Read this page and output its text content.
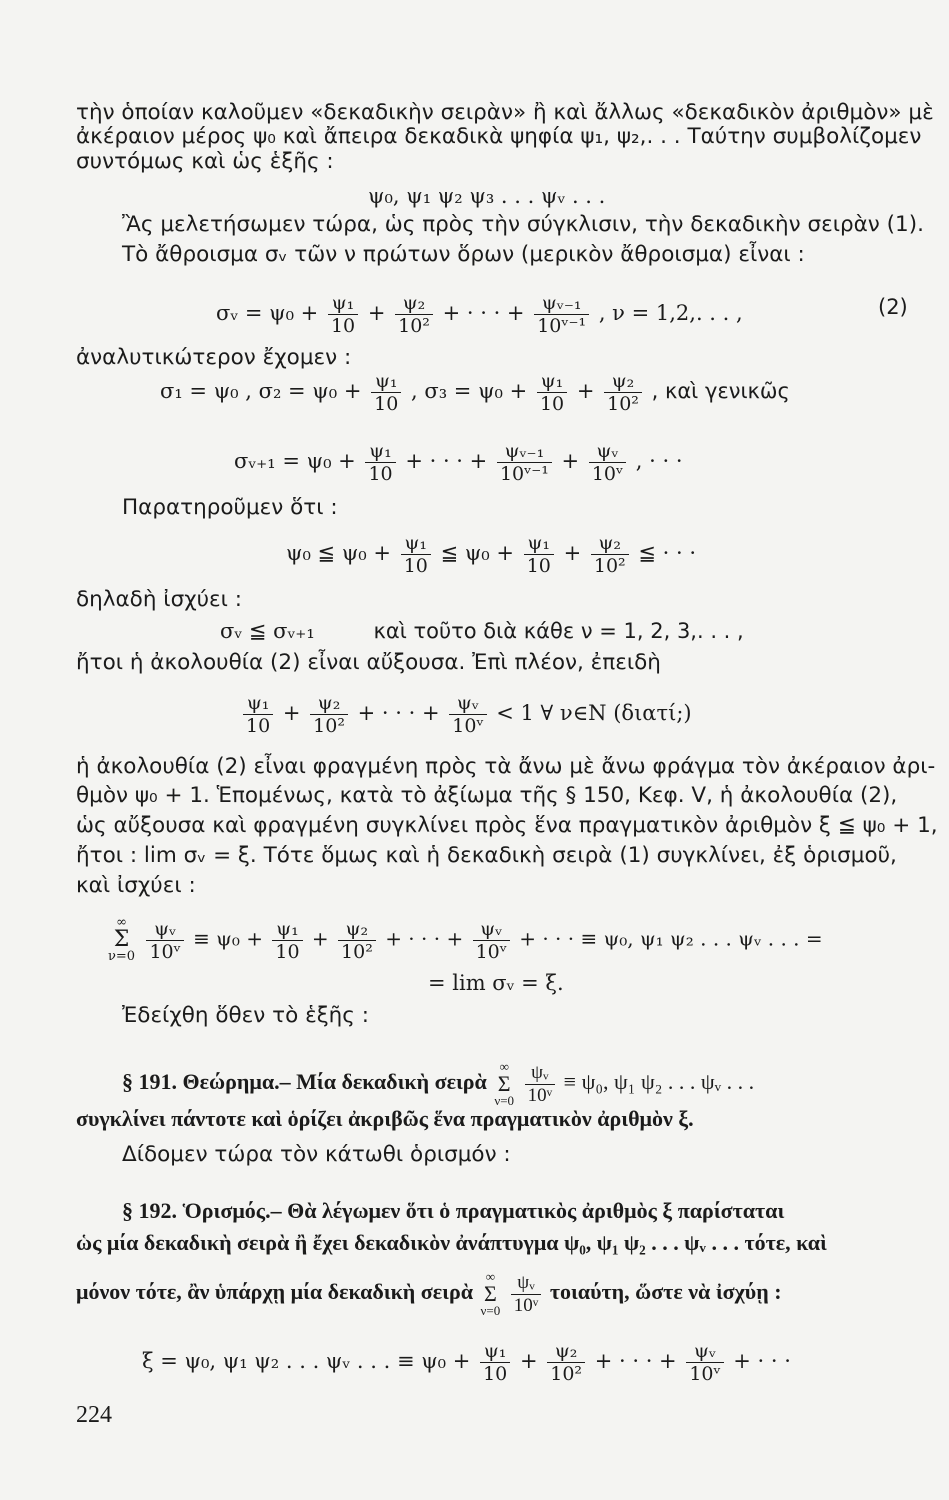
τὴν ὁποίαν καλοῦμεν «δεκαδικὴν σειρὰν» ἢ καὶ ἄλλως «δεκαδικὸν ἀριθμὸν» μὲ
ἀκέραιον μέρος ψ₀ καὶ ἄπειρα δεκαδικὰ ψηφία ψ₁, ψ₂,. . . Ταύτην συμβολίζομεν
συντόμως καὶ ὡς ἑξῆς :
ψ₀, ψ₁ ψ₂ ψ₃ . . . ψᵥ . . .
Ἂς μελετήσωμεν τώρα, ὡς πρὸς τὴν σύγκλισιν, τὴν δεκαδικὴν σειρὰν (1).
Τὸ ἄθροισμα σᵥ τῶν ν πρώτων ὅρων (μερικὸν ἄθροισμα) εἶναι :
σᵥ = $\psi_0 + \frac{\text{ψ₁}}{10} + \frac{\text{ψ₂}}{\text{10²}}$ + · · · + $\frac{\text{ψᵥ₋₁}}{\text{10ᵛ⁻¹}}$ , ν = 1,2,. . . ,	(2)
ἀναλυτικώτερον ἔχομεν :
σ₁ = ψ₀ , $\sigma_2 = \psi_0 + \frac{\text{ψ₁}}{10}$ , $\sigma_3 = \psi_0 + \frac{\text{ψ₁}}{10} + \frac{\text{ψ₂}}{\text{10²}}$ , καὶ γενικῶς
σᵥ₊₁ = $\psi_0 + \frac{\text{ψ₁}}{10}$ + · · · + $\frac{\text{ψᵥ₋₁}}{\text{10ᵛ⁻¹}} + \frac{\text{ψᵥ}}{\text{10ᵛ}}$ , · · ·
Παρατηροῦμεν ὅτι :
ψ₀ ≦ $\psi_0 + \frac{\text{ψ₁}}{10}$ ≦ $\psi_0 + \frac{\text{ψ₁}}{10} + \frac{\text{ψ₂}}{\text{10²}}$ ≦ · · ·
δηλαδὴ ἰσχύει :
σᵥ ≦ σᵥ₊₁	καὶ τοῦτο διὰ κάθε ν = 1, 2, 3,. . . ,
ἤτοι ἡ ἀκολουθία (2) εἶναι αὔξουσα. Ἐπὶ πλέον, ἐπειδὴ
$\frac{\text{ψ₁}}{10} + \frac{\text{ψ₂}}{\text{10²}}$ + · · · + $\frac{\text{ψᵥ}}{\text{10ᵛ}} < 1$ ∀ ν∈N (διατί;)
ἡ ἀκολουθία (2) εἶναι φραγμένη πρὸς τὰ ἄνω μὲ ἄνω φράγμα τὸν ἀκέραιον ἀρι-
θμὸν ψ₀ + 1. Ἑπομένως, κατὰ τὸ ἀξίωμα τῆς § 150, Κεφ. V, ἡ ἀκολουθία (2),
ὡς αὔξουσα καὶ φραγμένη συγκλίνει πρὸς ἕνα πραγματικὸν ἀριθμὸν ξ ≦ ψ₀ + 1,
ἤτοι : lim σᵥ = ξ. Τότε ὅμως καὶ ἡ δεκαδικὴ σειρὰ (1) συγκλίνει, ἐξ ὁρισμοῦ,
καὶ ἰσχύει :
∞
Σ
ν=0
$\frac{\text{ψᵥ}}{\text{10ᵛ}} \equiv \psi_0 + \frac{\text{ψ₁}}{10} + \frac{\text{ψ₂}}{\text{10²}}$ + · · · + $\frac{\text{ψᵥ}}{\text{10ᵛ}}$ + · · · ≡ ψ₀, ψ₁ ψ₂ . . . ψᵥ . . . =
= lim σᵥ = ξ.
Ἐδείχθη ὅθεν τὸ ἑξῆς :
§ 191. Θεώρημα.– Μία δεκαδικὴ σειρὰ
∞
Σ
ν=0
$\frac{\text{ψᵥ}}{\text{10ᵛ}} \equiv \psi_0$, ψ₁ ψ₂ . . . ψᵥ . . .
συγκλίνει πάντοτε καὶ ὁρίζει ἀκριβῶς ἕνα πραγματικὸν ἀριθμὸν ξ.
Δίδομεν τώρα τὸν κάτωθι ὁρισμόν :
§ 192. Ὁρισμός.– Θὰ λέγωμεν ὅτι ὁ πραγματικὸς ἀριθμὸς ξ παρίσταται
ὡς μία δεκαδικὴ σειρὰ ἢ ἔχει δεκαδικὸν ἀνάπτυγμα ψ₀, ψ₁ ψ₂ . . . ψᵥ . . . τότε, καὶ
μόνον τότε, ἂν ὑπάρχῃ μία δεκαδικὴ σειρὰ
∞
Σ
ν=0
$\frac{\text{ψᵥ}}{\text{10ᵛ}} \tau o\iota\alpha ύ\tau\eta$, ὥστε νὰ ἰσχύῃ :
ξ = ψ₀, ψ₁ ψ₂ . . . ψᵥ . . . ≡ $\psi_0 + \frac{\text{ψ₁}}{10} + \frac{\text{ψ₂}}{\text{10²}}$ + · · · + $\frac{\text{ψᵥ}}{\text{10ᵛ}}$ + · · ·
224
